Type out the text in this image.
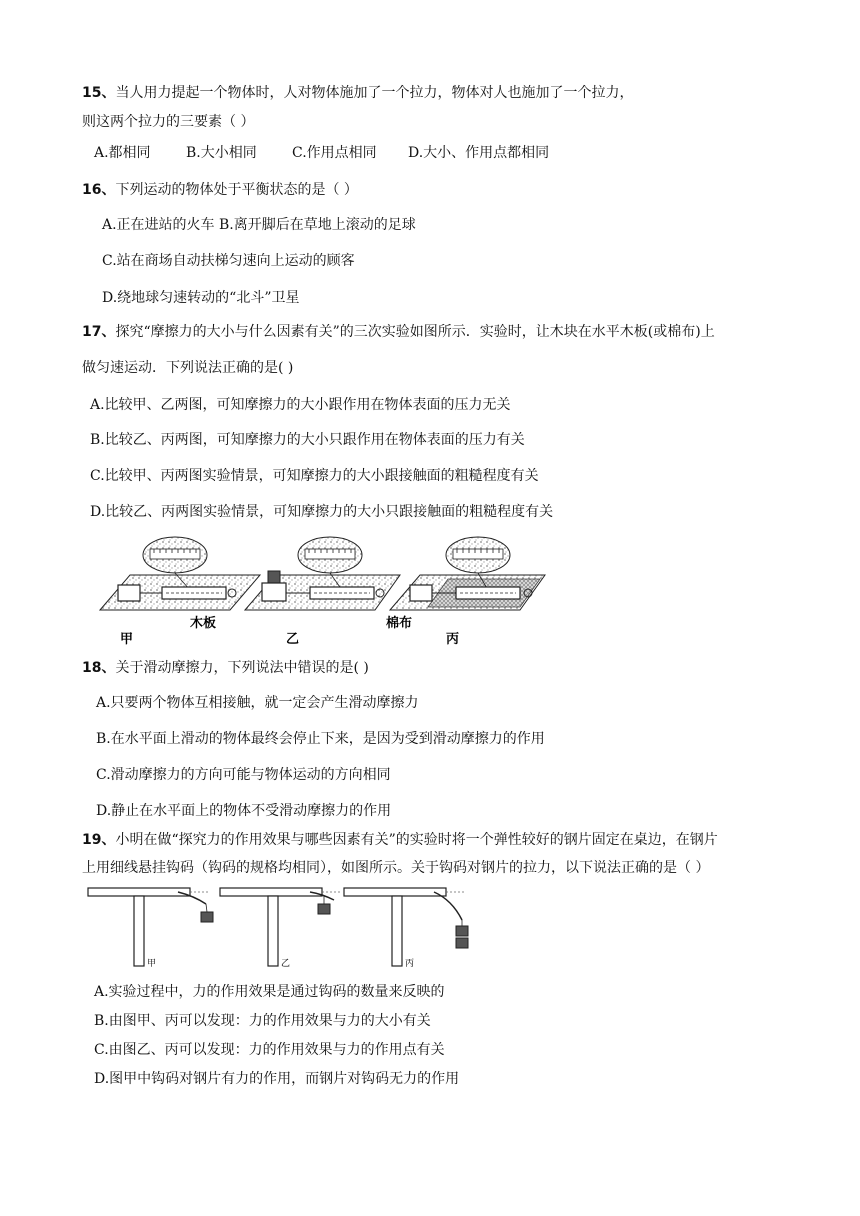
15、当人用力提起一个物体时，人对物体施加了一个拉力，物体对人也施加了一个拉力，
则这两个拉力的三要素（ ）
A.都相同	B.大小相同	C.作用点相同 D.大小、作用点都相同
16、下列运动的物体处于平衡状态的是（ ）
A.正在进站的火车 B.离开脚后在草地上滚动的足球
C.站在商场自动扶梯匀速向上运动的顾客
D.绕地球匀速转动的“北斗”卫星
17、探究“摩擦力的大小与什么因素有关”的三次实验如图所示．实验时，让木块在水平木板(或棉布)上
做匀速运动．下列说法正确的是( )
A.比较甲、乙两图，可知摩擦力的大小跟作用在物体表面的压力无关
B.比较乙、丙两图，可知摩擦力的大小只跟作用在物体表面的压力有关
C.比较甲、丙两图实验情景，可知摩擦力的大小跟接触面的粗糙程度有关
D.比较乙、丙两图实验情景，可知摩擦力的大小只跟接触面的粗糙程度有关
甲
木板
乙
棉布
丙
18、关于滑动摩擦力，下列说法中错误的是( )
A.只要两个物体互相接触，就一定会产生滑动摩擦力
B.在水平面上滑动的物体最终会停止下来，是因为受到滑动摩擦力的作用
C.滑动摩擦力的方向可能与物体运动的方向相同
D.静止在水平面上的物体不受滑动摩擦力的作用
19、小明在做“探究力的作用效果与哪些因素有关”的实验时将一个弹性较好的钢片固定在桌边，在钢片
上用细线悬挂钩码（钩码的规格均相同），如图所示。关于钩码对钢片的拉力，以下说法正确的是（ ）
甲	乙	丙
A.实验过程中，力的作用效果是通过钩码的数量来反映的
B.由图甲、丙可以发现：力的作用效果与力的大小有关
C.由图乙、丙可以发现：力的作用效果与力的作用点有关
D.图甲中钩码对钢片有力的作用，而钢片对钩码无力的作用
